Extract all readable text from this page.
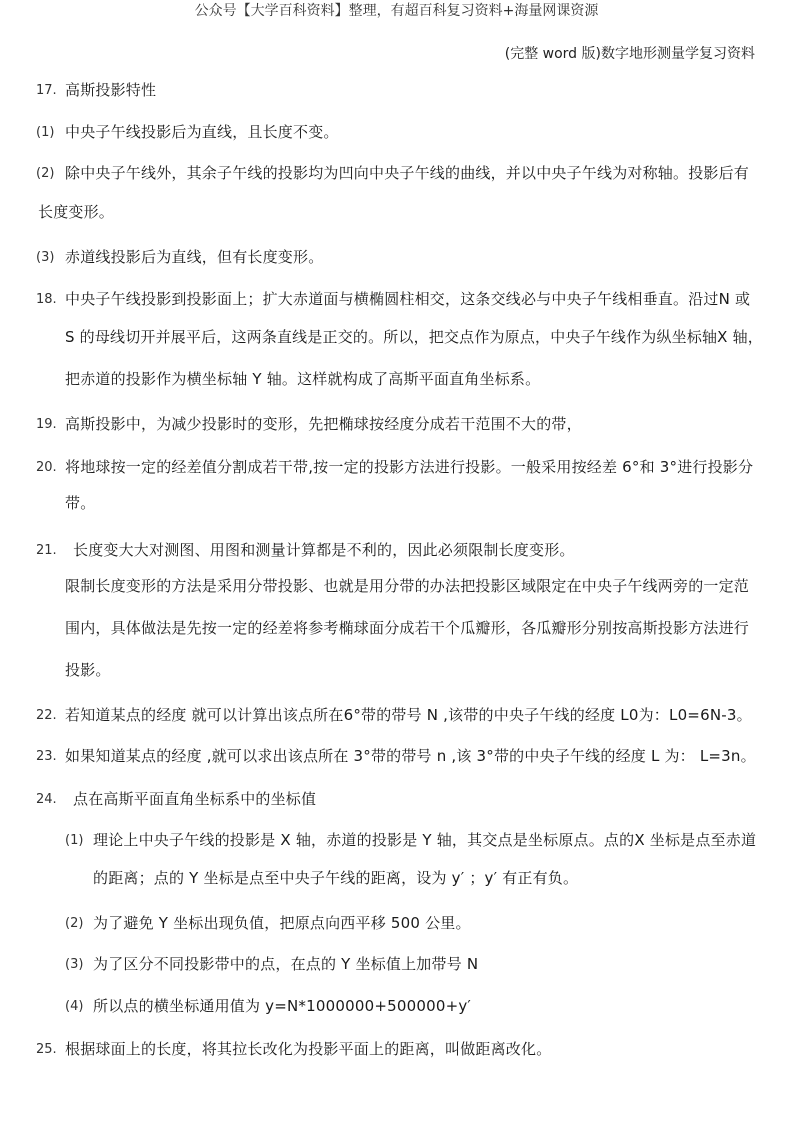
公众号【大学百科资料】整理，有超百科复习资料+海量网课资源
(完整 word 版)数字地形测量学复习资料
17. 高斯投影特性
(1) 中央子午线投影后为直线，且长度不变。
(2) 除中央子午线外，其余子午线的投影均为凹向中央子午线的曲线，并以中央子午线为对称轴。投影后有
长度变形。
(3) 赤道线投影后为直线，但有长度变形。
18. 中央子午线投影到投影面上；扩大赤道面与横椭圆柱相交，这条交线必与中央子午线相垂直。沿过N 或
S 的母线切开并展平后，这两条直线是正交的。所以，把交点作为原点，中央子午线作为纵坐标轴X 轴，
把赤道的投影作为横坐标轴 Y 轴。这样就构成了高斯平面直角坐标系。
19. 高斯投影中，为减少投影时的变形，先把椭球按经度分成若干范围不大的带，
20. 将地球按一定的经差值分割成若干带,按一定的投影方法进行投影。一般采用按经差 6°和 3°进行投影分
带。
21. 长度变大大对测图、用图和测量计算都是不利的，因此必须限制长度变形。
限制长度变形的方法是采用分带投影、也就是用分带的办法把投影区域限定在中央子午线两旁的一定范
围内，具体做法是先按一定的经差将参考椭球面分成若干个瓜瓣形，各瓜瓣形分别按高斯投影方法进行
投影。
22. 若知道某点的经度 就可以计算出该点所在6°带的带号 N ,该带的中央子午线的经度 L0为：L0=6N-3。
23. 如果知道某点的经度 ,就可以求出该点所在 3°带的带号 n ,该 3°带的中央子午线的经度 L 为： L=3n。
24. 点在高斯平面直角坐标系中的坐标值
(1) 理论上中央子午线的投影是 X 轴，赤道的投影是 Y 轴，其交点是坐标原点。点的X 坐标是点至赤道
的距离；点的 Y 坐标是点至中央子午线的距离，设为 y′ ；y′ 有正有负。
(2) 为了避免 Y 坐标出现负值，把原点向西平移 500 公里。
(3) 为了区分不同投影带中的点，在点的 Y 坐标值上加带号 N
(4) 所以点的横坐标通用值为 y=N*1000000+500000+y′
25. 根据球面上的长度，将其拉长改化为投影平面上的距离，叫做距离改化。
